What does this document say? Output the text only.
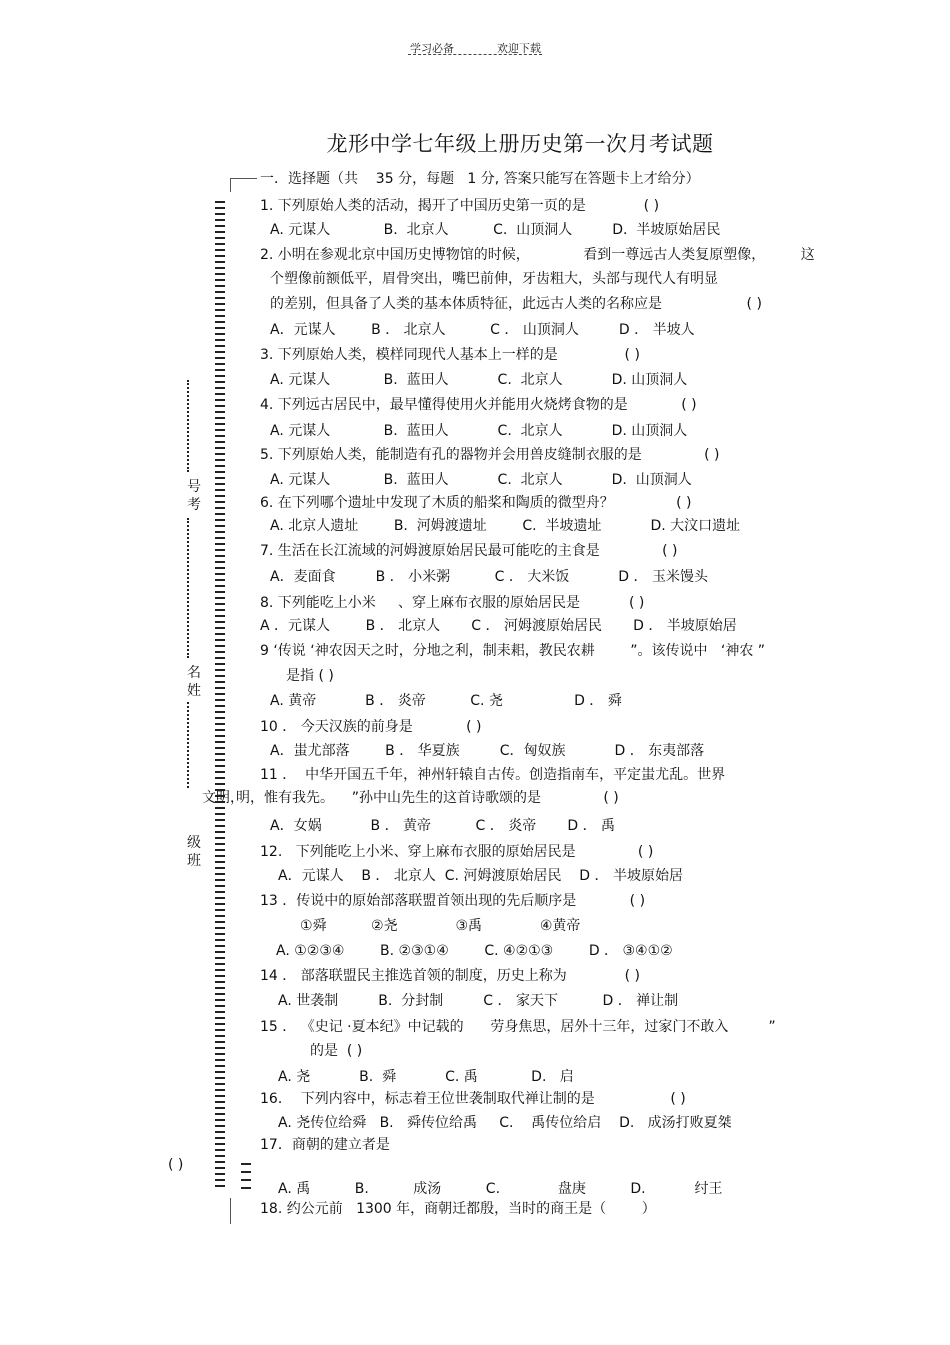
学习必备	欢迎下载
龙形中学七年级上册历史第一次月考试题
号考
名姓
级班
( )
文明，
一．选择题（共    35 分，每题   1 分, 答案只能写在答题卡上才给分）
1. 下列原始人类的活动，揭开了中国历史第一页的是             ( )
A. 元谋人            B.  北京人          C.  山顶洞人         D.  半坡原始居民
2. 小明在参观北京中国历史博物馆的时候，            看到一尊远古人类复原塑像，        这
个塑像前额低平，眉骨突出，嘴巴前伸，牙齿粗大，头部与现代人有明显
的差别，但具备了人类的基本体质特征，此远古人类的名称应是                   ( )
A．元谋人        B ． 北京人          C ． 山顶洞人         D ． 半坡人
3. 下列原始人类，模样同现代人基本上一样的是               ( )
A. 元谋人            B.  蓝田人           C.  北京人           D. 山顶洞人
4. 下列远古居民中，最早懂得使用火并能用火烧烤食物的是            ( )
A. 元谋人            B.  蓝田人           C.  北京人           D. 山顶洞人
5. 下列原始人类，能制造有孔的器物并会用兽皮缝制衣服的是              ( )
A. 元谋人            B.  蓝田人           C.  北京人           D.  山顶洞人
6. 在下列哪个遗址中发现了木质的船桨和陶质的微型舟？              ( )
A. 北京人遗址        B.  河姆渡遗址        C.  半坡遗址           D. 大汶口遗址
7. 生活在长江流域的河姆渡原始居民最可能吃的主食是              ( )
A．麦面食         B ． 小米粥          C ． 大米饭           D ． 玉米馒头
8. 下列能吃上小米     、穿上麻布衣服的原始居民是           ( )
A ．元谋人        B ． 北京人       C ． 河姆渡原始居民       D ． 半坡原始居
9 ‘传说 ‘神农因天之时，分地之利，制耒耜，教民农耕        ”。该传说中   ‘神农 ”
是指 ( )
A. 黄帝           B ． 炎帝          C. 尧                D ． 舜
10 ． 今天汉族的前身是            ( )
A．蚩尤部落        B ． 华夏族         C．匈奴族           D ． 东夷部落
11 ．  中华开国五千年，神州轩辕自古传。创造指南车，平定蚩尤乱。世界
明，惟有我先。    ”孙中山先生的这首诗歌颂的是              ( )
A．女娲           B ． 黄帝          C ． 炎帝       D ． 禹
12.   下列能吃上小米、穿上麻布衣服的原始居民是              ( )
A．元谋人    B ． 北京人  C. 河姆渡原始居民    D ． 半坡原始居
13 ．传说中的原始部落联盟首领出现的先后顺序是            ( )
①舜          ②尧             ③禹             ④黄帝
A. ①②③④        B. ②③①④        C. ④②①③        D ． ③④①②
14 ． 部落联盟民主推选首领的制度，历史上称为             ( )
A. 世袭制         B.  分封制         C ． 家天下          D ． 禅让制
15 ． 《史记 ·夏本纪》中记载的      劳身焦思，居外十三年，过家门不敢入         ”
的是  ( )
A. 尧           B.  舜           C. 禹            D.   启
16．  下列内容中，标志着王位世袭制取代禅让制的是                 ( )
A. 尧传位给舜   B.   舜传位给禹     C.    禹传位给启    D.   成汤打败夏桀
17．商朝的建立者是
A. 禹          B.          成汤          C.             盘庚          D.           纣王
18. 约公元前   1300 年，商朝迁都殷，当时的商王是（        ）
